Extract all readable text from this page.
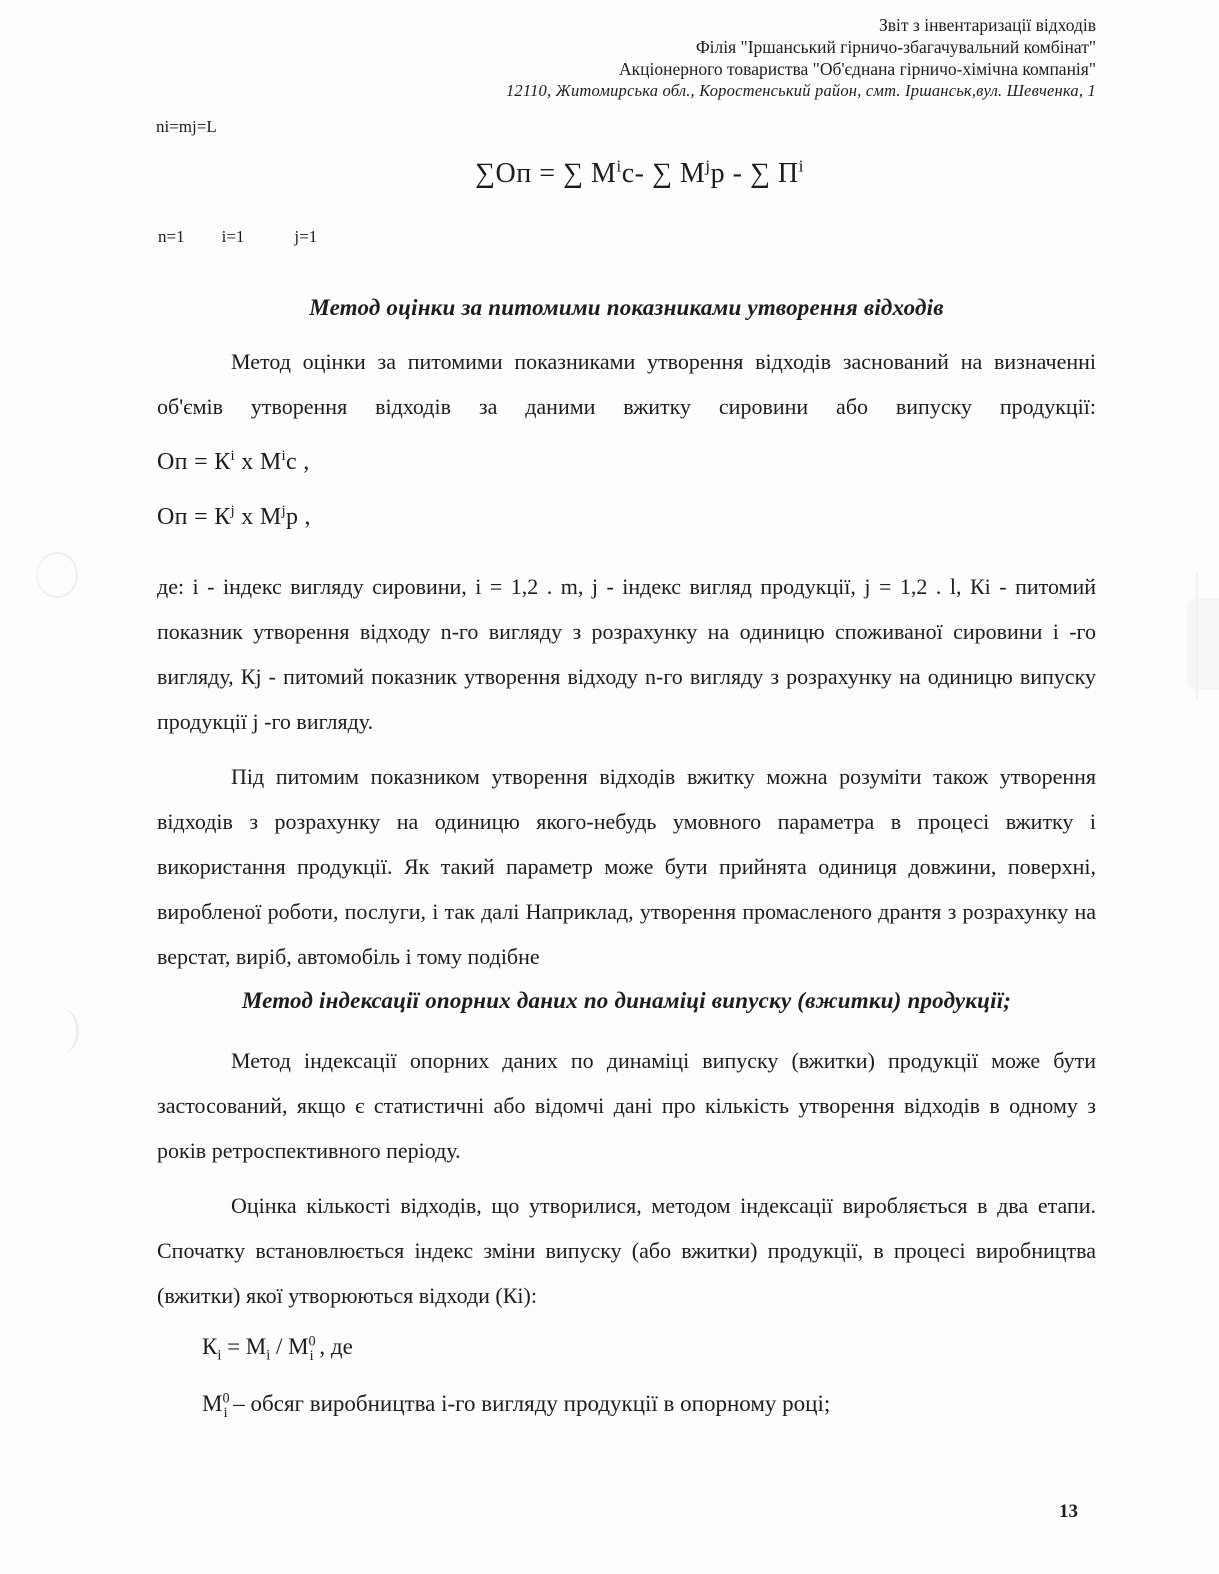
Звіт з інвентаризації відходів
Філія "Іршанський гірничо-збагачувальний комбінат"
Акціонерного товариства "Об'єднана гірничо-хімічна компанія"
12110, Житомирська обл., Коростенський район, смт. Іршанськ,вул. Шевченка, 1
ni=mj=L
∑Оп = ∑ $М^іс-$ ∑ $М^jр$ - ∑ $П^і$
n=1 i=1	j=1
Метод оцінки за питомими показниками утворення відходів
Метод оцінки за питомими показниками утворення відходів заснований на визначенні об'ємів утворення відходів за даними вжитку сировини або випуску продукції:
Оп = $К^і$ х $М^іс$ ,
Оп = $К^j$ х $М^jр$ ,
де: і - індекс вигляду сировини, і = 1,2 . m, j - індекс вигляд продукції, j = 1,2 . l, Кі - питомий показник утворення відходу n-го вигляду з розрахунку на одиницю споживаної сировини і -го вигляду, Кj - питомий показник утворення відходу n-го вигляду з розрахунку на одиницю випуску продукції j -го вигляду.
Під питомим показником утворення відходів вжитку можна розуміти також утворення відходів з розрахунку на одиницю якого-небудь умовного параметра в процесі вжитку і використання продукції. Як такий параметр може бути прийнята одиниця довжини, поверхні, виробленої роботи, послуги, і так далі Наприклад, утворення промасленого дрантя з розрахунку на верстат, виріб, автомобіль і тому подібне
Метод індексації опорних даних по динаміці випуску (вжитки) продукції;
Метод індексації опорних даних по динаміці випуску (вжитки) продукції може бути застосований, якщо є статистичні або відомчі дані про кількість утворення відходів в одному з років ретроспективного періоду.
Оцінка кількості відходів, що утворилися, методом індексації виробляється в два етапи. Спочатку встановлюється індекс зміни випуску (або вжитки) продукції, в процесі виробництва (вжитки) якої утворюються відходи (Кі):
$К_і = М_і / М^0_і$ , де
$М^0_і$ – обсяг виробництва і-го вигляду продукції в опорному році;
13
